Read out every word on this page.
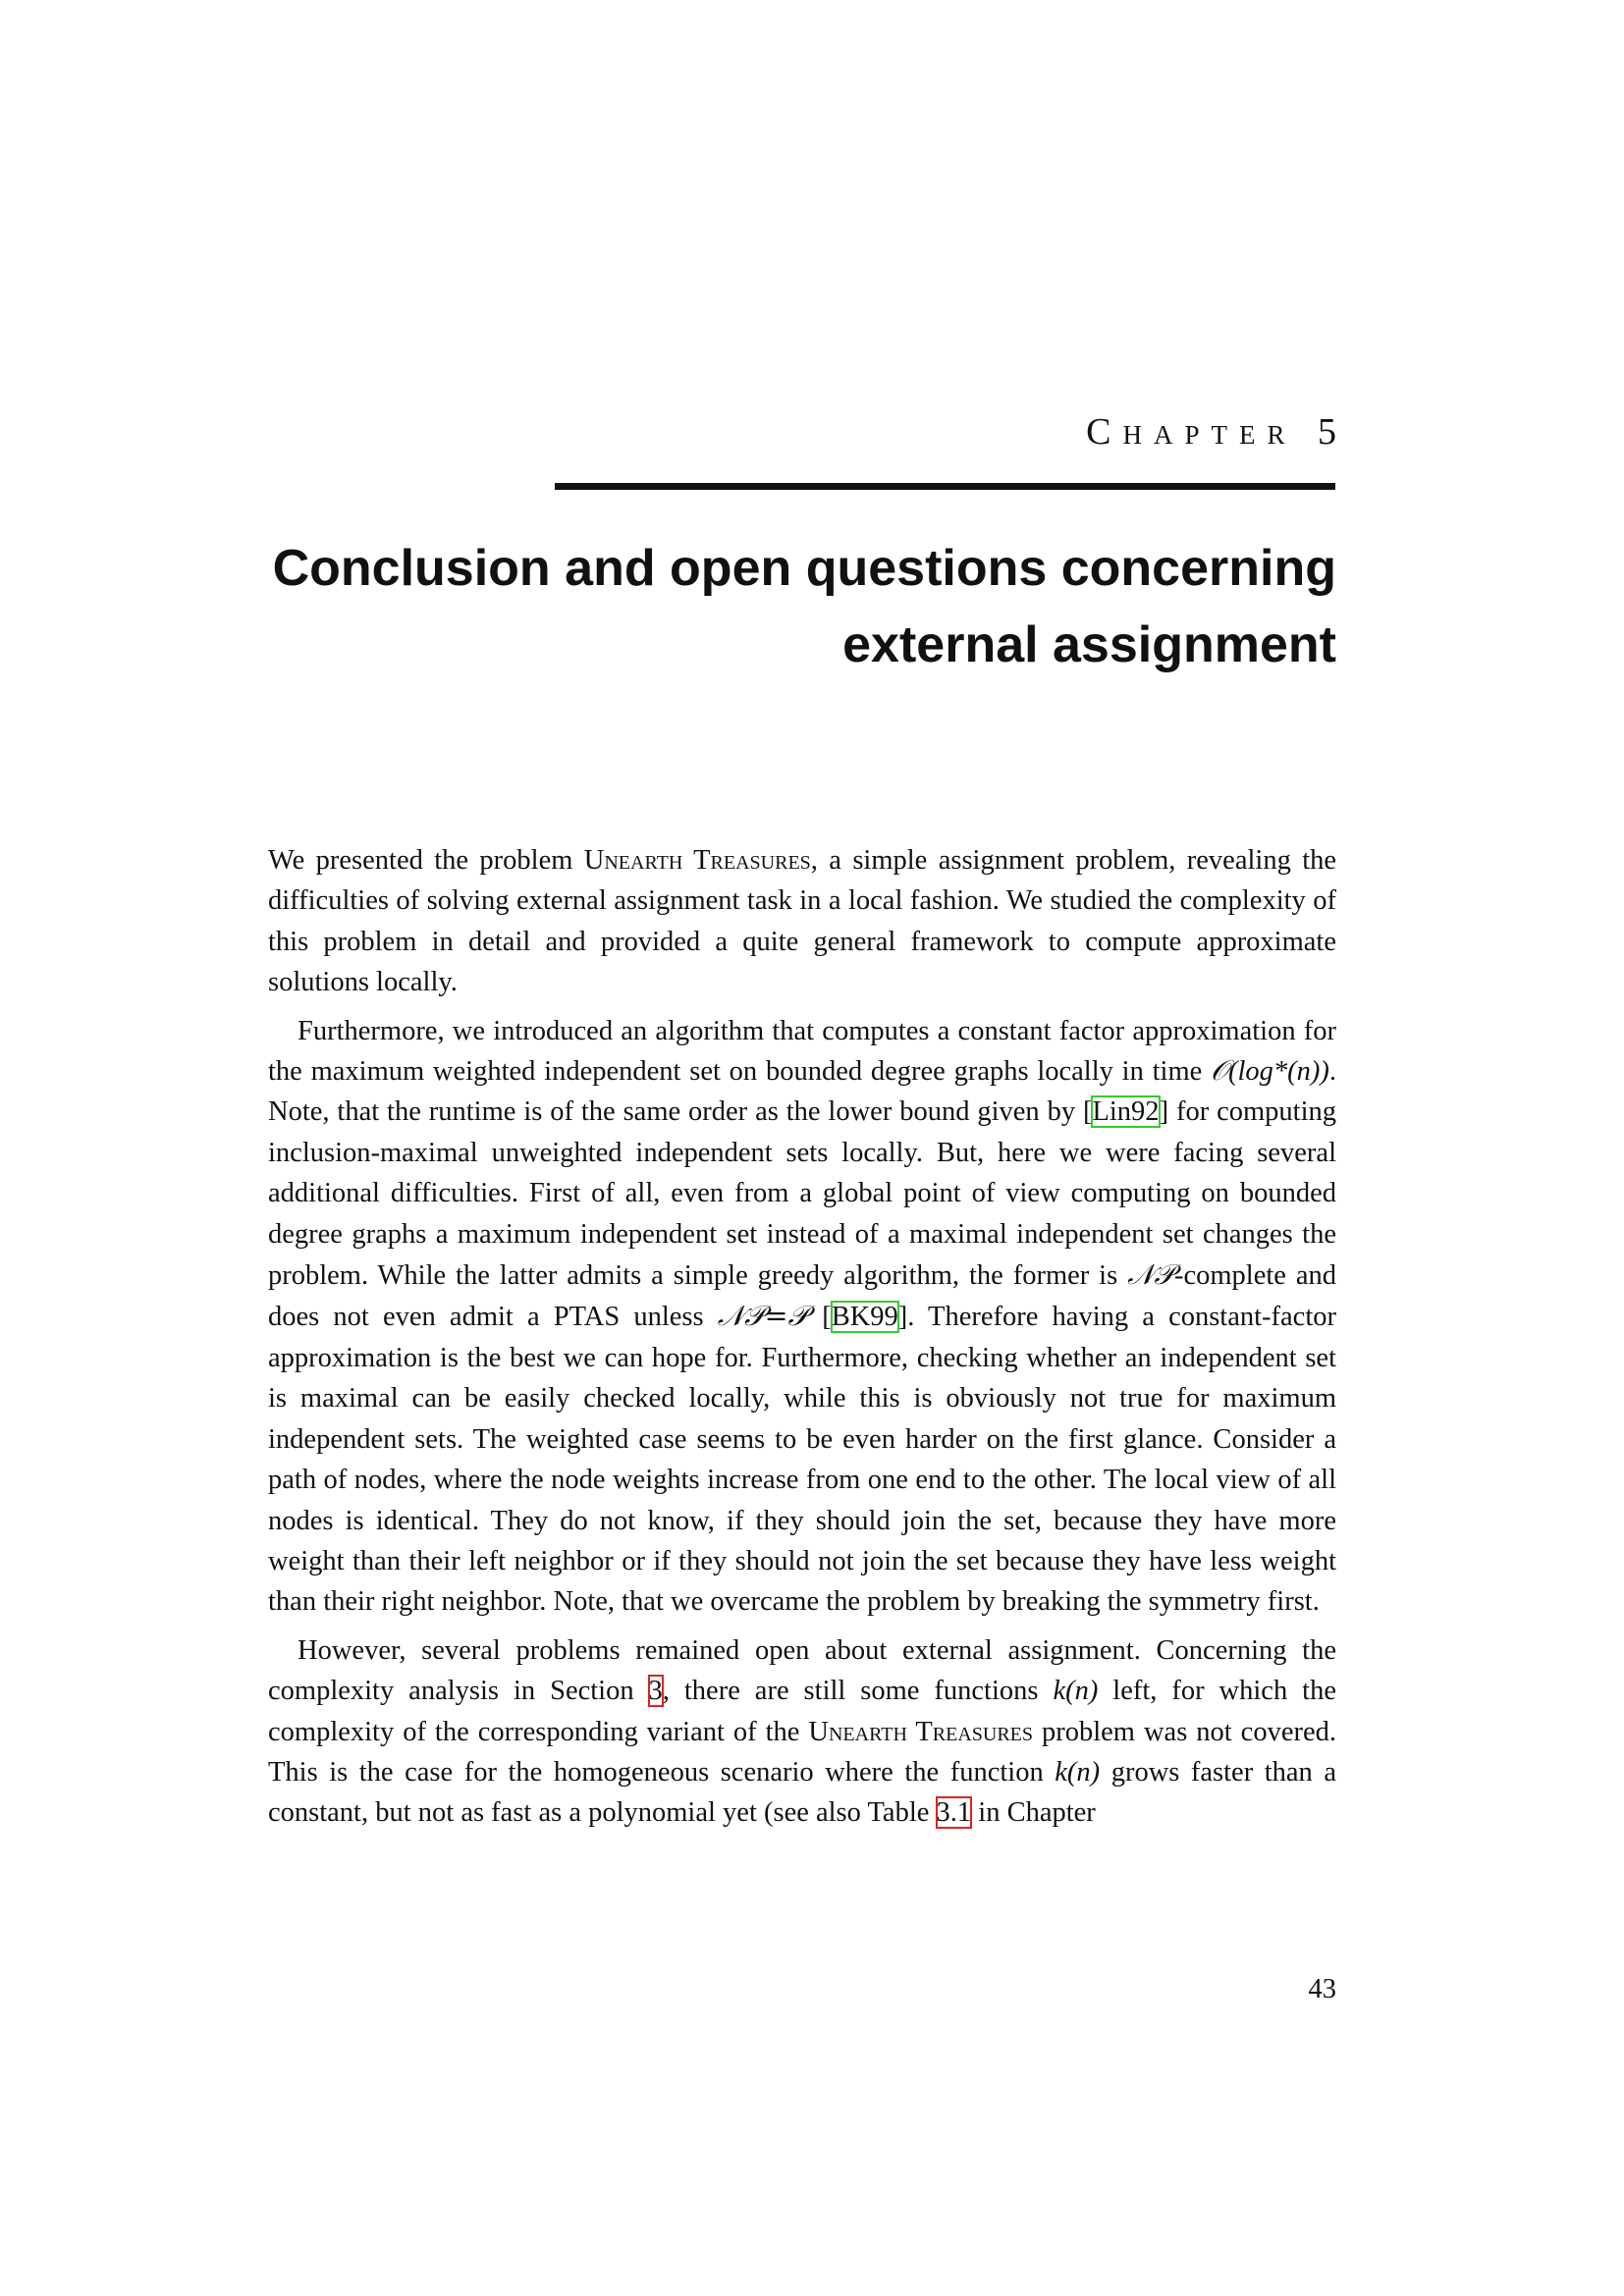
Chapter 5
Conclusion and open questions concerning
external assignment

We presented the problem Unearth Treasures, a simple assignment problem, revealing the difficulties of solving external assignment task in a local fashion. We studied the complexity of this problem in detail and provided a quite general framework to compute approximate solutions locally.

Furthermore, we introduced an algorithm that computes a constant factor approximation for the maximum weighted independent set on bounded degree graphs locally in time 𝒪(log*(n)). Note, that the runtime is of the same order as the lower bound given by [Lin92] for computing inclusion-maximal unweighted independent sets locally. But, here we were facing several additional difficulties. First of all, even from a global point of view computing on bounded degree graphs a maximum independent set instead of a maximal independent set changes the problem. While the latter admits a simple greedy algorithm, the former is 𝒩𝒫-complete and does not even admit a PTAS unless 𝒩𝒫=𝒫 [BK99]. Therefore having a constant-factor approximation is the best we can hope for. Furthermore, checking whether an independent set is maximal can be easily checked locally, while this is obviously not true for maximum independent sets. The weighted case seems to be even harder on the first glance. Consider a path of nodes, where the node weights increase from one end to the other. The local view of all nodes is identical. They do not know, if they should join the set, because they have more weight than their left neighbor or if they should not join the set because they have less weight than their right neighbor. Note, that we overcame the problem by breaking the symmetry first.

However, several problems remained open about external assignment. Concerning the complexity analysis in Section 3, there are still some functions k(n) left, for which the complexity of the corresponding variant of the Unearth Treasures problem was not covered. This is the case for the homogeneous scenario where the function k(n) grows faster than a constant, but not as fast as a polynomial yet (see also Table 3.1 in Chapter

43
